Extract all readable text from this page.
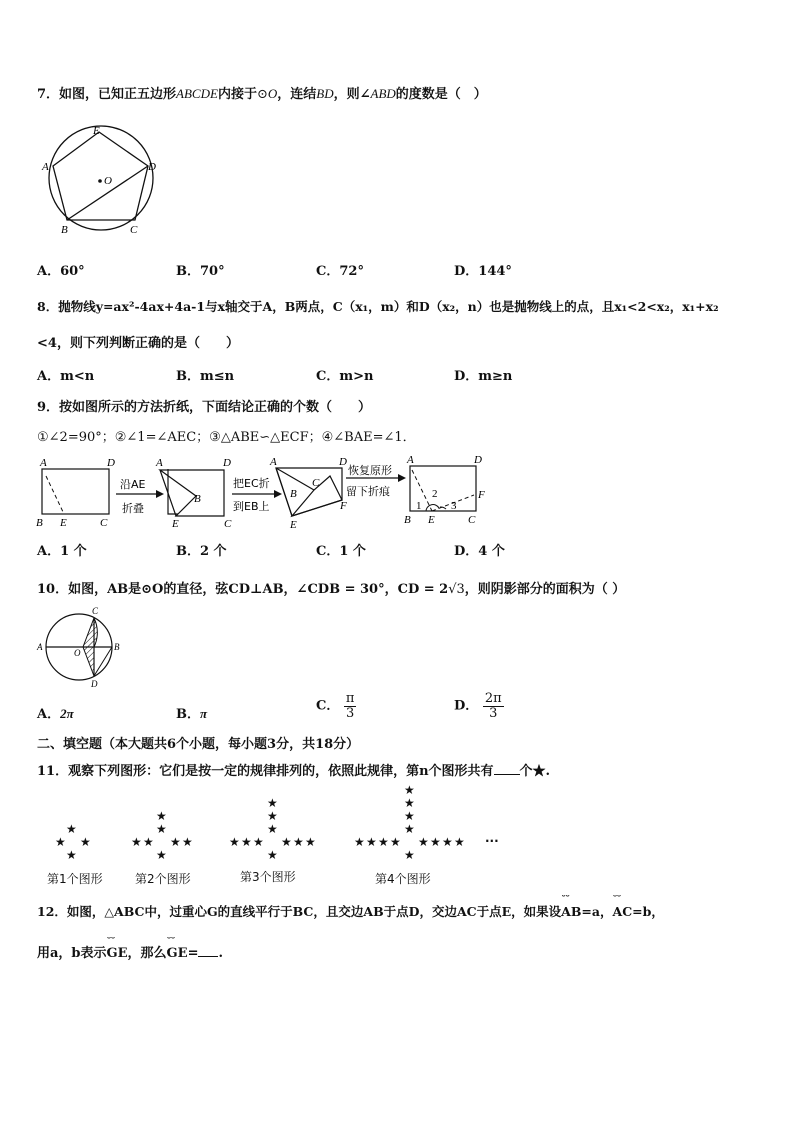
7．如图，已知正五边形ABCDE内接于⊙O，连结BD，则∠ABD的度数是（　）
E
D
A
B	C
O
A．60°	B．70°	C．72°	D．144°
8．抛物线y=ax²-4ax+4a-1与x轴交于A，B两点，C（x₁，m）和D（x₂，n）也是抛物线上的点，且x₁<2<x₂，x₁+x₂
<4，则下列判断正确的是（　　）
A．m<n	B．m≤n	C．m>n	D．m≥n
9．按如图所示的方法折纸，下面结论正确的个数（　　）
①∠2=90°；②∠1=∠AEC；③△ABE∽△ECF；④∠BAE=∠1．
A	D
B E	C
沿AE
折叠
A	D
B
E	C
把EC折
到EB上
A	D
B
C
F
E
恢复原形
留下折痕
A	D
B E	C
F
1
2
3
A．1 个	B．2 个	C．1 个	D．4 个
10．如图，AB是⊙O的直径，弦CD⊥AB，∠CDB = 30°，CD = 2√3，则阴影部分的面积为（ ）
C
A	B
O
D
A．2π	B．π	C． $\frac{\pi}{3}$	D． $\frac{2\pi}{3}$
二、填空题（本大题共6个小题，每小题3分，共18分）
11．观察下列图形：它们是按一定的规律排列的，依照此规律，第n个图形共有 个★.
★
★ ★
★
★
★
★ ★ ★ ★
★
★
★
★
★ ★ ★ ★ ★ ★
★
★
★
★
★
★ ★ ★ ★ ★ ★ ★ ★
★
···
第1个图形	第2个图形	第3个图形	第4个图形
12．如图，△ABC中，过重心G的直线平行于BC，且交边AB于点D，交边AC于点E，如果设˘˘ AB=a，˘˘ AC=b，
用a，b表示˘˘ GE，那么˘˘ GE= .
